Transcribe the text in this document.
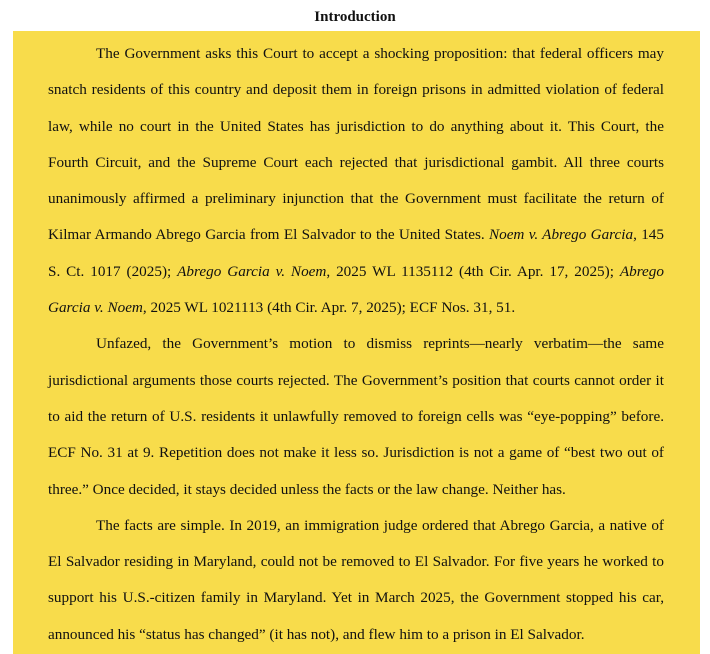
Introduction

The Government asks this Court to accept a shocking proposition: that federal officers may snatch residents of this country and deposit them in foreign prisons in admitted violation of federal law, while no court in the United States has jurisdiction to do anything about it. This Court, the Fourth Circuit, and the Supreme Court each rejected that jurisdictional gambit. All three courts unanimously affirmed a preliminary injunction that the Government must facilitate the return of Kilmar Armando Abrego Garcia from El Salvador to the United States. Noem v. Abrego Garcia, 145 S. Ct. 1017 (2025); Abrego Garcia v. Noem, 2025 WL 1135112 (4th Cir. Apr. 17, 2025); Abrego Garcia v. Noem, 2025 WL 1021113 (4th Cir. Apr. 7, 2025); ECF Nos. 31, 51.

Unfazed, the Government’s motion to dismiss reprints—nearly verbatim—the same jurisdictional arguments those courts rejected. The Government’s position that courts cannot order it to aid the return of U.S. residents it unlawfully removed to foreign cells was “eye-popping” before. ECF No. 31 at 9. Repetition does not make it less so. Jurisdiction is not a game of “best two out of three.” Once decided, it stays decided unless the facts or the law change. Neither has.

The facts are simple. In 2019, an immigration judge ordered that Abrego Garcia, a native of El Salvador residing in Maryland, could not be removed to El Salvador. For five years he worked to support his U.S.-citizen family in Maryland. Yet in March 2025, the Government stopped his car, announced his “status has changed” (it has not), and flew him to a prison in El Salvador.
